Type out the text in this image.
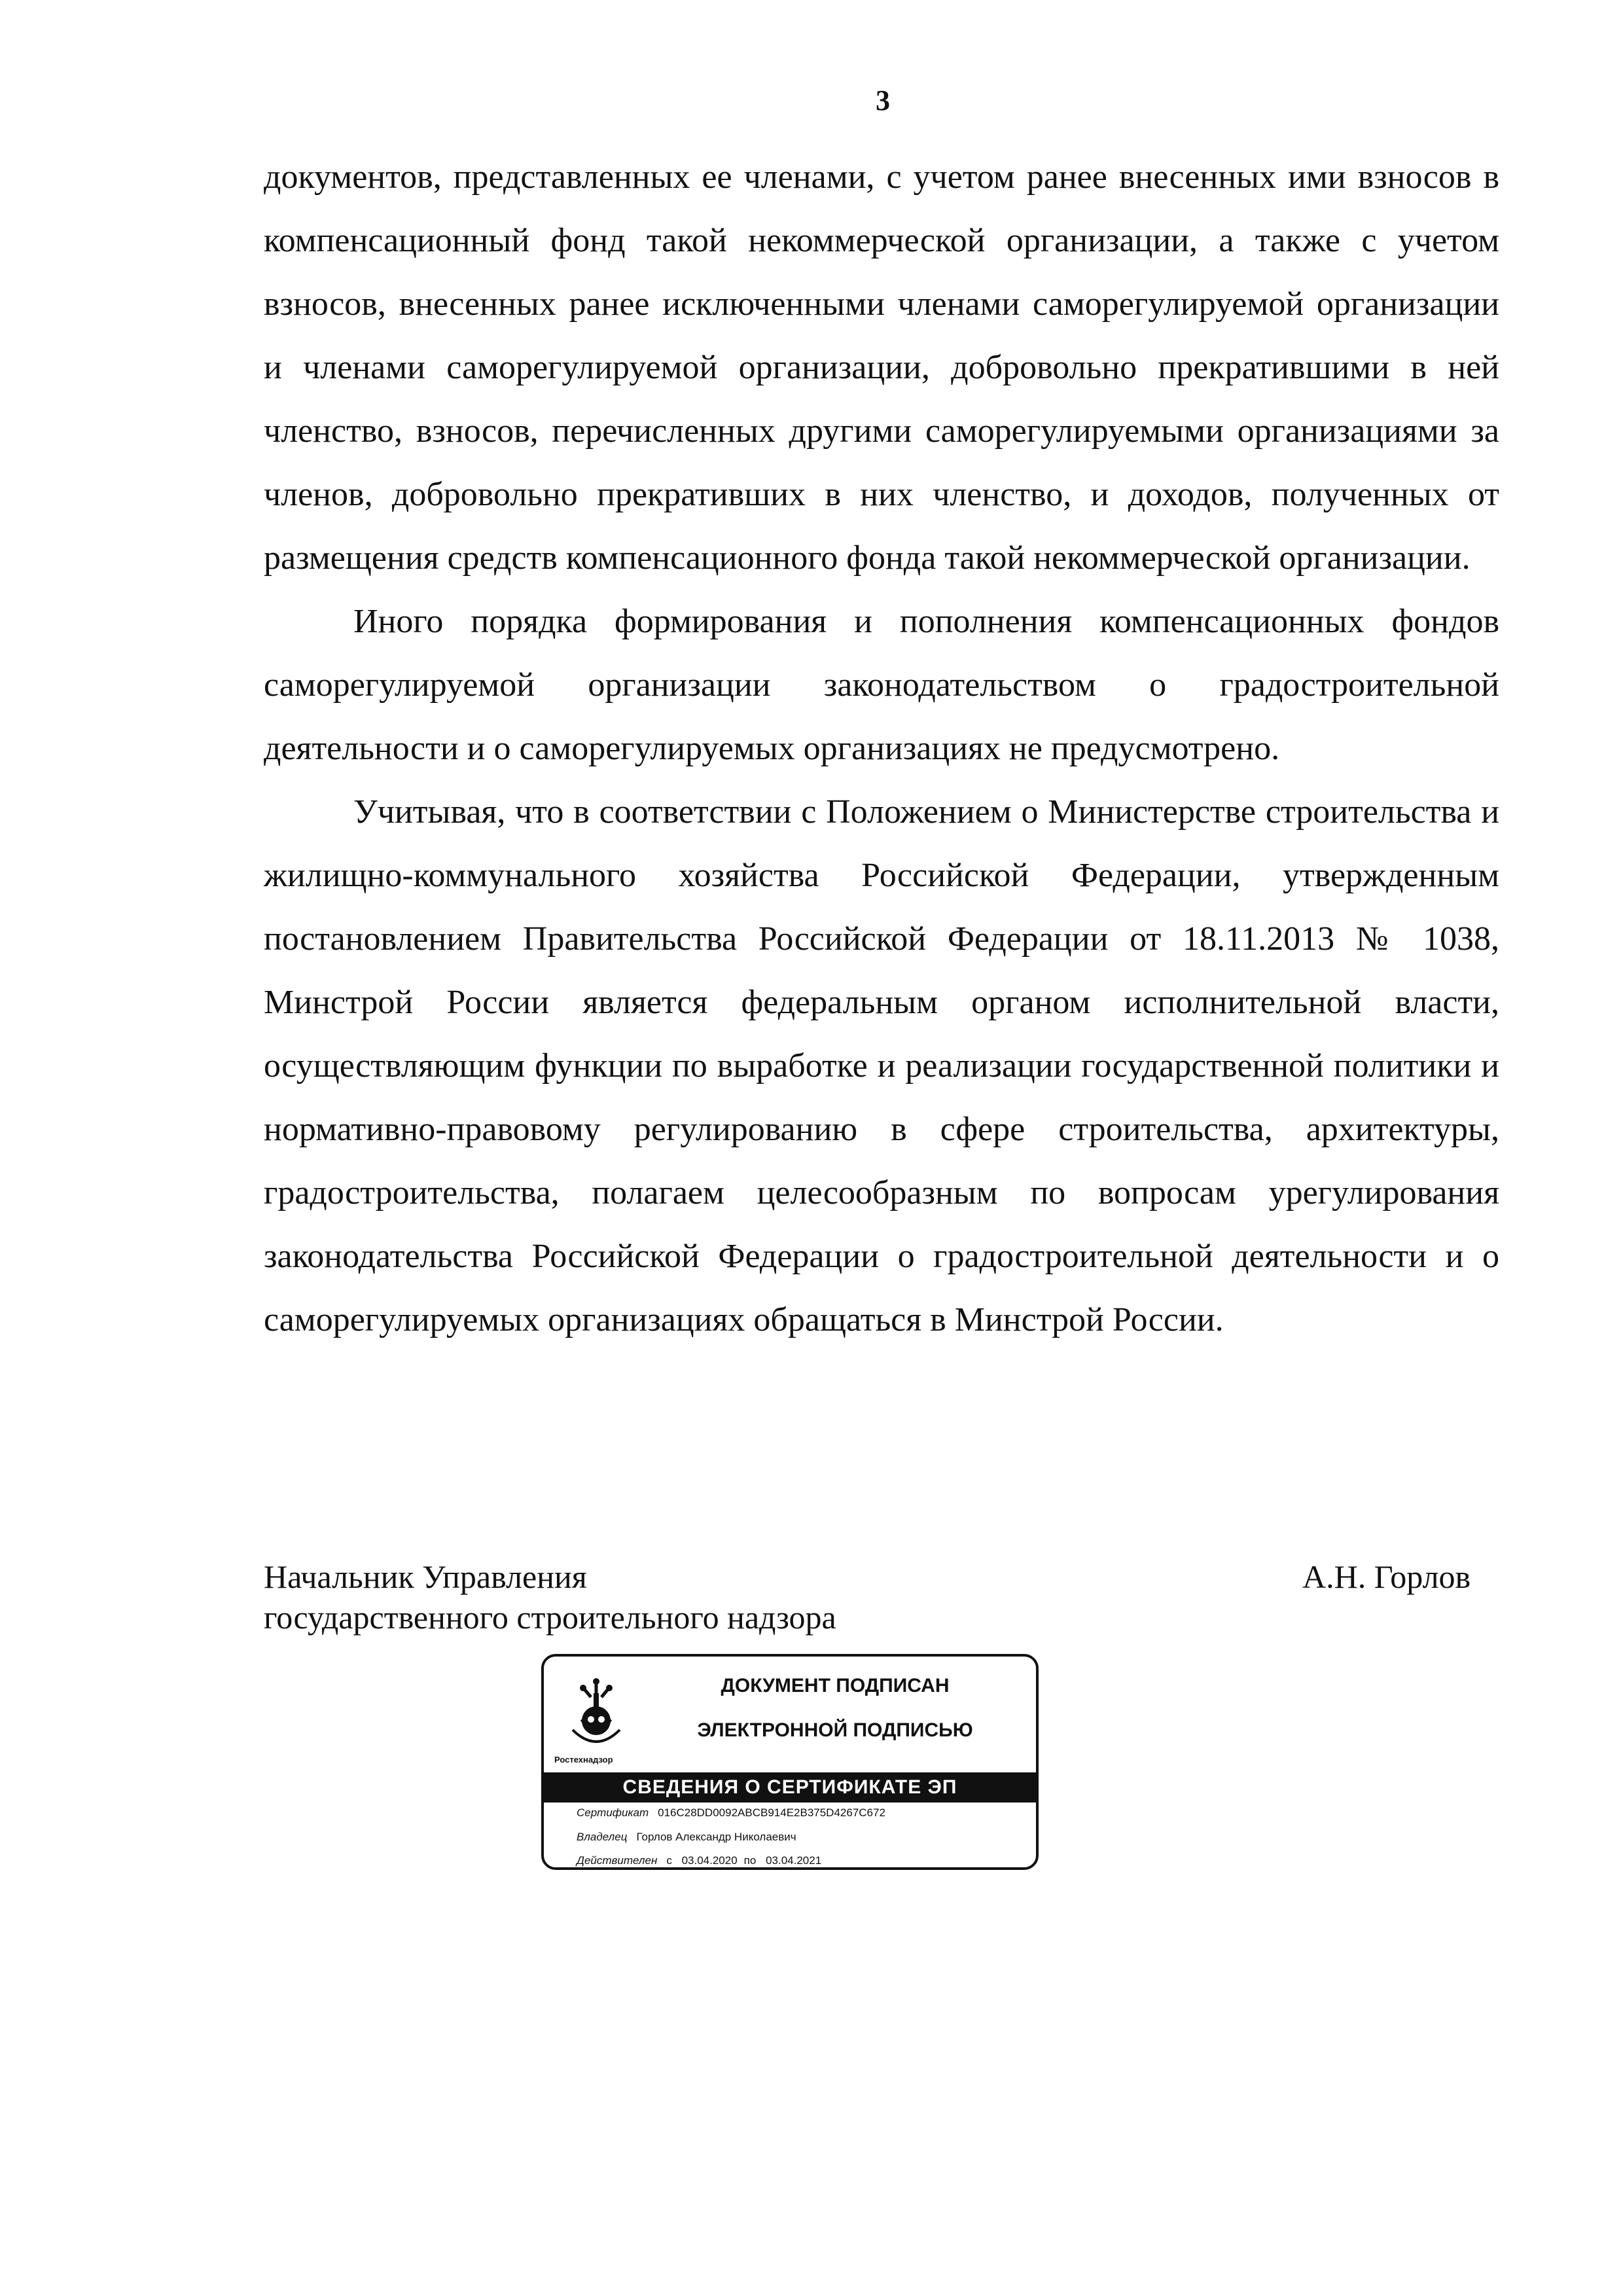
3

документов, представленных ее членами, с учетом ранее внесенных ими взносов в компенсационный фонд такой некоммерческой организации, а также с учетом взносов, внесенных ранее исключенными членами саморегулируемой организации и членами саморегулируемой организации, добровольно прекратившими в ней членство, взносов, перечисленных другими саморегулируемыми организациями за членов, добровольно прекративших в них членство, и доходов, полученных от размещения средств компенсационного фонда такой некоммерческой организации.

Иного порядка формирования и пополнения компенсационных фондов саморегулируемой организации законодательством о градостроительной деятельности и о саморегулируемых организациях не предусмотрено.

Учитывая, что в соответствии с Положением о Министерстве строительства и жилищно-коммунального хозяйства Российской Федерации, утвержденным постановлением Правительства Российской Федерации от 18.11.2013 № 1038, Минстрой России является федеральным органом исполнительной власти, осуществляющим функции по выработке и реализации государственной политики и нормативно-правовому регулированию в сфере строительства, архитектуры, градостроительства, полагаем целесообразным по вопросам урегулирования законодательства Российской Федерации о градостроительной деятельности и о саморегулируемых организациях обращаться в Минстрой России.

Начальник Управления
государственного строительного надзора
А.Н. Горлов
Ростехнадзор
ДОКУМЕНТ ПОДПИСАН
ЭЛЕКТРОННОЙ ПОДПИСЬЮ
СВЕДЕНИЯ О СЕРТИФИКАТЕ ЭП
Сертификат 016C28DD0092ABCB914E2B375D4267C672
Владелец Горлов Александр Николаевич
Действителен с 03.04.2020 по 03.04.2021
